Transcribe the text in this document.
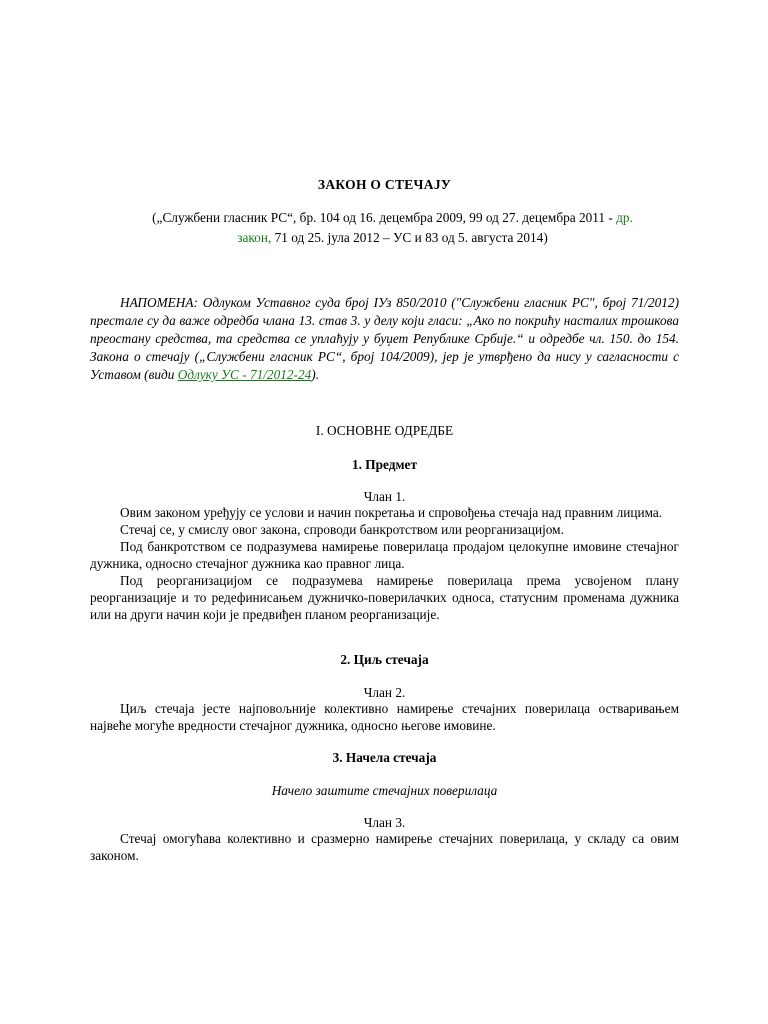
ЗАКОН О СТЕЧАЈУ
(„Службени гласник РС“, бр. 104 од 16. децембра 2009, 99 од 27. децембра 2011 - др.
закон, 71 од 25. јула 2012 – УС и 83 од 5. августа 2014)
НАПОМЕНА: Одлуком Уставног суда број ІУз 850/2010 ("Службени гласник РС", број 71/2012) престале су да важе одредба члана 13. став 3. у делу који гласи: „Ако по покрићу насталих трошкова преостану средства, та средства се уплаћују у буџет Републике Србије.“ и одредбе чл. 150. до 154. Закона о стечају („Службени гласник РС“, број 104/2009), јер је утврђено да нису у сагласности с Уставом (види Одлуку УС - 71/2012-24).
I. ОСНОВНЕ ОДРЕДБЕ
1. Предмет
Члан 1.

Овим законом уређују се услови и начин покретања и спровођења стечаја над правним лицима.

Стечај се, у смислу овог закона, спроводи банкротством или реорганизацијом.

Под банкротством се подразумева намирење поверилаца продајом целокупне имовине стечајног дужника, односно стечајног дужника као правног лица.

Под реорганизацијом се подразумева намирење поверилаца према усвојеном плану реорганизације и то редефинисањем дужничко-поверилачких односа, статусним променама дужника или на други начин који је предвиђен планом реорганизације.

2. Циљ стечаја
Члан 2.

Циљ стечаја јесте најповољније колективно намирење стечајних поверилаца остваривањем највеће могуће вредности стечајног дужника, односно његове имовине.

3. Начела стечаја
Начело заштите стечајних поверилаца
Члан 3.

Стечај омогућава колективно и сразмерно намирење стечајних поверилаца, у складу са овим законом.
